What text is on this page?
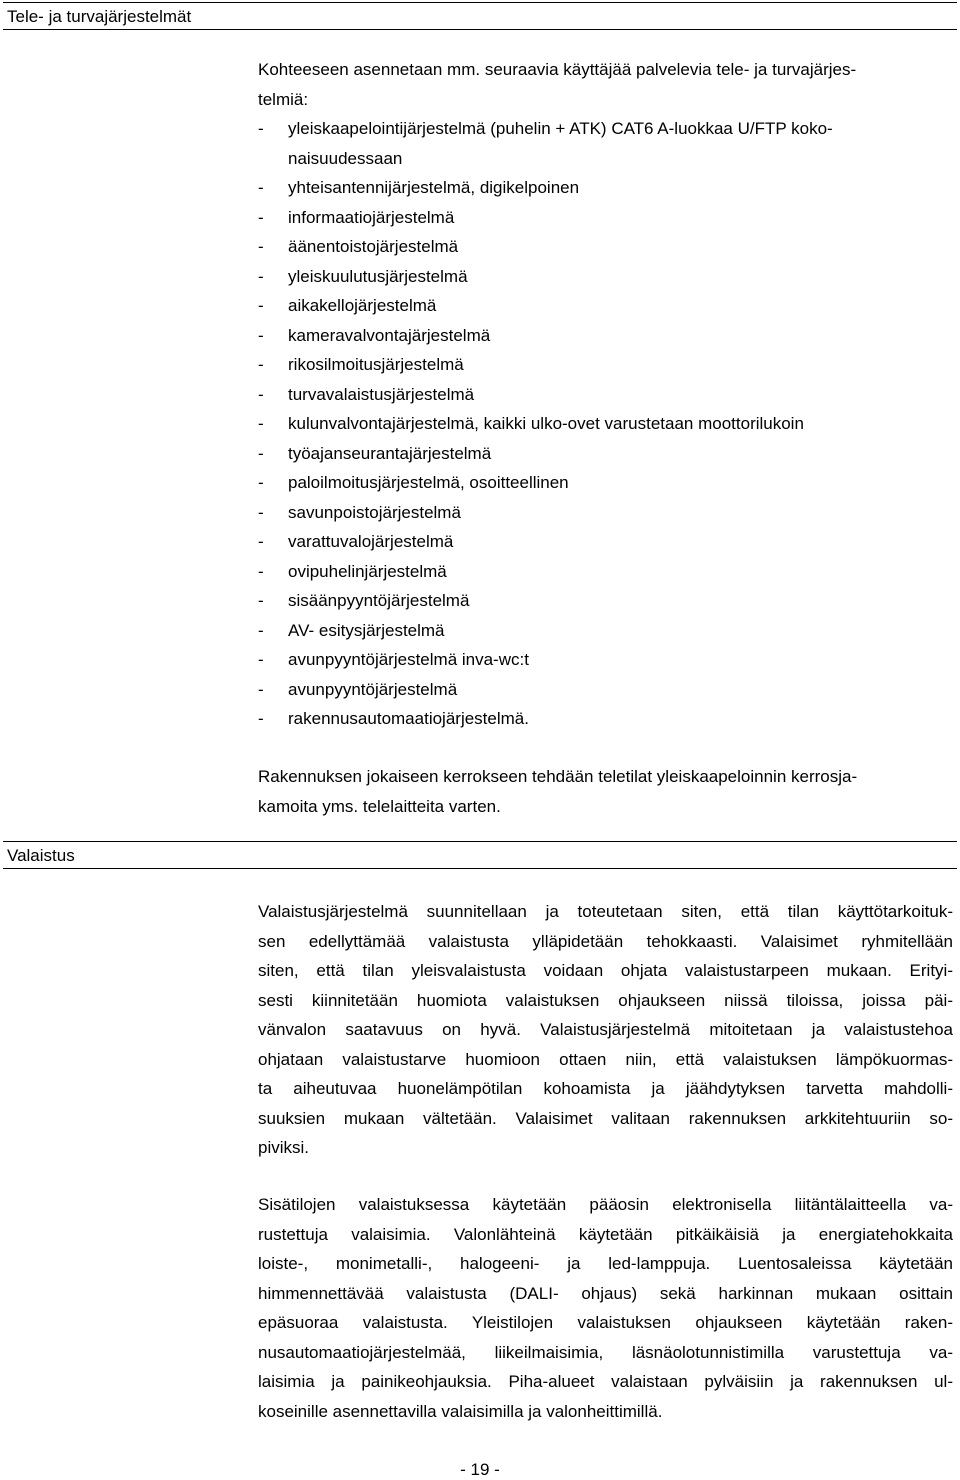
Tele- ja turvajärjestelmät
Kohteeseen asennetaan mm. seuraavia käyttäjää palvelevia tele- ja turvajärjes-
telmiä:
-	yleiskaapelointijärjestelmä (puhelin + ATK) CAT6 A-luokkaa U/FTP koko-
naisuudessaan
-	yhteisantennijärjestelmä, digikelpoinen
-	informaatiojärjestelmä
-	äänentoistojärjestelmä
-	yleiskuulutusjärjestelmä
-	aikakellojärjestelmä
-	kameravalvontajärjestelmä
-	rikosilmoitusjärjestelmä
-	turvavalaistusjärjestelmä
-	kulunvalvontajärjestelmä, kaikki ulko-ovet varustetaan moottorilukoin
-	työajanseurantajärjestelmä
-	paloilmoitusjärjestelmä, osoitteellinen
-	savunpoistojärjestelmä
-	varattuvalojärjestelmä
-	ovipuhelinjärjestelmä
-	sisäänpyyntöjärjestelmä
-	AV- esitysjärjestelmä
-	avunpyyntöjärjestelmä inva-wc:t
-	avunpyyntöjärjestelmä
-	rakennusautomaatiojärjestelmä.
Rakennuksen jokaiseen kerrokseen tehdään teletilat yleiskaapeloinnin kerrosja-
kamoita yms. telelaitteita varten.
Valaistus
Valaistusjärjestelmä suunnitellaan ja toteutetaan siten, että tilan käyttötarkoituk-
sen edellyttämää valaistusta ylläpidetään tehokkaasti. Valaisimet ryhmitellään
siten, että tilan yleisvalaistusta voidaan ohjata valaistustarpeen mukaan. Erityi-
sesti kiinnitetään huomiota valaistuksen ohjaukseen niissä tiloissa, joissa päi-
vänvalon saatavuus on hyvä. Valaistusjärjestelmä mitoitetaan ja valaistustehoa
ohjataan valaistustarve huomioon ottaen niin, että valaistuksen lämpökuormas-
ta aiheutuvaa huonelämpötilan kohoamista ja jäähdytyksen tarvetta mahdolli-
suuksien mukaan vältetään. Valaisimet valitaan rakennuksen arkkitehtuuriin so-
piviksi.
Sisätilojen valaistuksessa käytetään pääosin elektronisella liitäntälaitteella va-
rustettuja valaisimia. Valonlähteinä käytetään pitkäikäisiä ja energiatehokkaita
loiste-, monimetalli-, halogeeni- ja led-lamppuja. Luentosaleissa käytetään
himmennettävää valaistusta (DALI- ohjaus) sekä harkinnan mukaan osittain
epäsuoraa valaistusta. Yleistilojen valaistuksen ohjaukseen käytetään raken-
nusautomaatiojärjestelmää, liikeilmaisimia, läsnäolotunnistimilla varustettuja va-
laisimia ja painikeohjauksia. Piha-alueet valaistaan pylväisiin ja rakennuksen ul-
koseinille asennettavilla valaisimilla ja valonheittimillä.
- 19 -
